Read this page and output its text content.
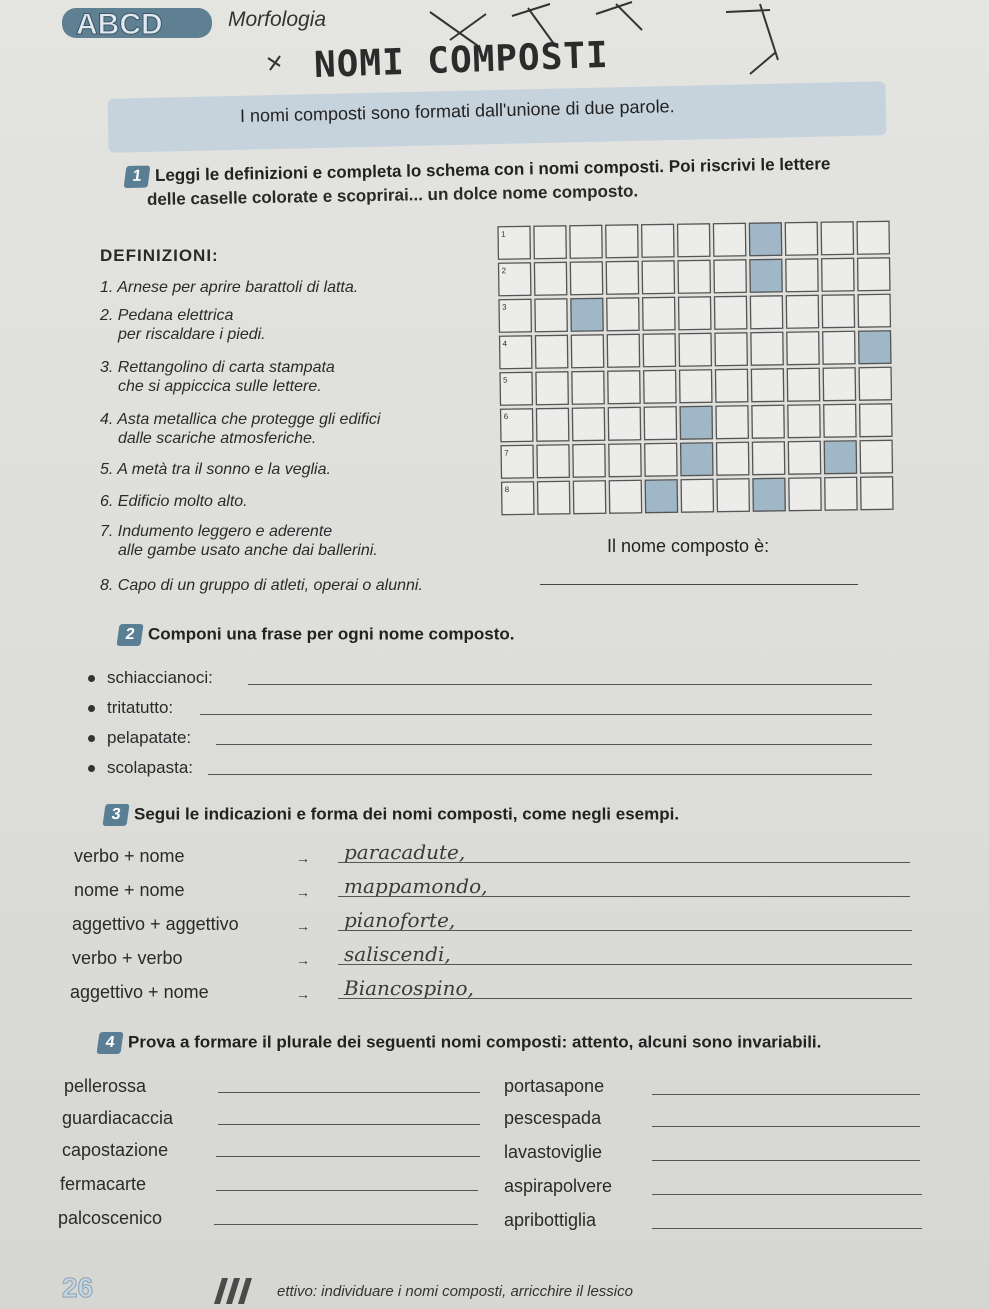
ABCD	Morfologia
NOMI COMPOSTI
I nomi composti sono formati dall'unione di due parole.
1 Leggi le definizioni e completa lo schema con i nomi composti. Poi riscrivi le lettere
delle caselle colorate e scoprirai... un dolce nome composto.
DEFINIZIONI:
1. Arnese per aprire barattoli di latta.
2. Pedana elettrica
per riscaldare i piedi.
3. Rettangolino di carta stampata
che si appiccica sulle lettere.
4. Asta metallica che protegge gli edifici
dalle scariche atmosferiche.
5. A metà tra il sonno e la veglia.
6. Edificio molto alto.
7. Indumento leggero e aderente
alle gambe usato anche dai ballerini.
8. Capo di un gruppo di atleti, operai o alunni.
1
2
3
4
5
6
7
8
Il nome composto è:
2 Componi una frase per ogni nome composto.
schiaccianoci:
tritatutto:
pelapatate:
scolapasta:
3 Segui le indicazioni e forma dei nomi composti, come negli esempi.
verbo + nome	→ paracadute,
nome + nome	→ mappamondo,
aggettivo + aggettivo	→ pianoforte,
verbo + verbo	→ saliscendi,
aggettivo + nome	→ Biancospino,
4 Prova a formare il plurale dei seguenti nomi composti: attento, alcuni sono invariabili.
pellerossa	portasapone
guardiacaccia	pescespada
capostazione	lavastoviglie
fermacarte	aspirapolvere
palcoscenico	apribottiglia
26	ettivo: individuare i nomi composti, arricchire il lessico
